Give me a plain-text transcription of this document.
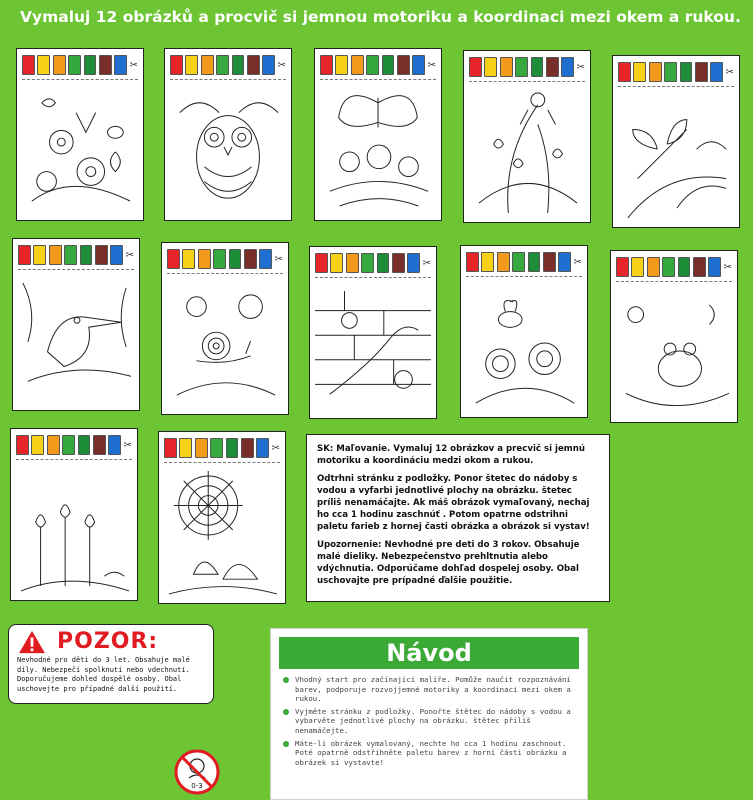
Vymaluj 12 obrázků a procvič si jemnou motoriku a koordinaci mezi okem a rukou.
✂	✂	✂	✂	✂
✂	✂	✂	✂	✂
✂	✂	SK: Maľovanie. Vymaluj 12 obrázkov a precvič si jemnú motoriku a koordináciu medzi okom a rukou.

Odtrhni stránku z podložky. Ponor štetec do nádoby s vodou a vyfarbi jednotlivé plochy na obrázku. štetec príliš nenamáčajte. Ak máš obrázok vymaľovaný, nechaj ho cca 1 hodinu zaschnúť . Potom opatrne odstrihni paletu farieb z hornej časti obrázka a obrázok si vystav!

Upozornenie: Nevhodné pre deti do 3 rokov. Obsahuje malé dieliky. Nebezpečenstvo prehltnutia alebo vdýchnutia. Odporúčame dohľad dospelej osoby. Obal uschovajte pre prípadné ďalšie použitie.

POZOR:
Nevhodné pro děti do 3 let. Obsahuje malé díly. Nebezpečí spolknutí nebo vdechnutí. Doporučujeme dohled dospělé osoby. Obal uschovejte pro případné další použití.
0-3
Návod
Vhodný start pro začínající malíře. Pomůže naučit rozpoznávání barev, podporuje rozvojjemné motoriky a koordinaci mezi okem a rukou.
Vyjměte stránku z podložky. Ponořte štětec do nádoby s vodou a vybarvěte jednotlivé plochy na obrázku. štětec příliš nenamáčejte.
Máte-li obrázek vymalovaný, nechte ho cca 1 hodinu zaschnout. Poté opatrně odstřihněte paletu barev z horní části obrázku a obrázek si vystavte!
